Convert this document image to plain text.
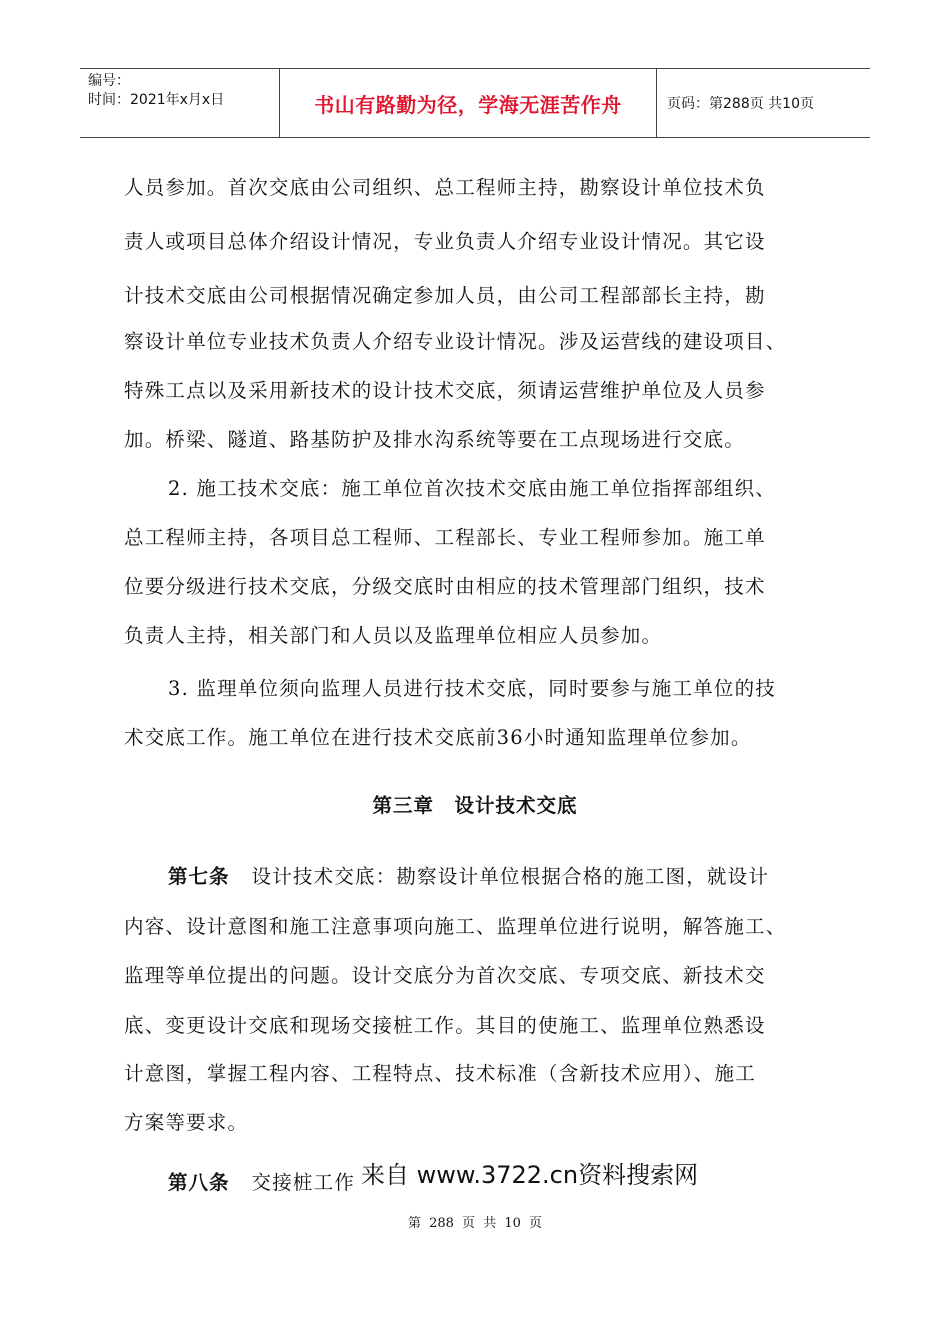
编号：
时间：2021年x月x日	书山有路勤为径，学海无涯苦作舟	页码：第288页 共10页
人员参加。首次交底由公司组织、总工程师主持，勘察设计单位技术负
责人或项目总体介绍设计情况，专业负责人介绍专业设计情况。其它设
计技术交底由公司根据情况确定参加人员，由公司工程部部长主持，勘
察设计单位专业技术负责人介绍专业设计情况。涉及运营线的建设项目、
特殊工点以及采用新技术的设计技术交底，须请运营维护单位及人员参
加。桥梁、隧道、路基防护及排水沟系统等要在工点现场进行交底。
2. 施工技术交底：施工单位首次技术交底由施工单位指挥部组织、
总工程师主持，各项目总工程师、工程部长、专业工程师参加。施工单
位要分级进行技术交底，分级交底时由相应的技术管理部门组织，技术
负责人主持，相关部门和人员以及监理单位相应人员参加。
3. 监理单位须向监理人员进行技术交底，同时要参与施工单位的技
术交底工作。施工单位在进行技术交底前36小时通知监理单位参加。
第七条 设计技术交底：勘察设计单位根据合格的施工图，就设计
内容、设计意图和施工注意事项向施工、监理单位进行说明，解答施工、
监理等单位提出的问题。设计交底分为首次交底、专项交底、新技术交
底、变更设计交底和现场交接桩工作。其目的使施工、监理单位熟悉设
计意图，掌握工程内容、工程特点、技术标准（含新技术应用）、施工
方案等要求。
第八条 交接桩工作 来自 www.3722.cn资料搜索网
第三章　设计技术交底
第 288 页 共 10 页
